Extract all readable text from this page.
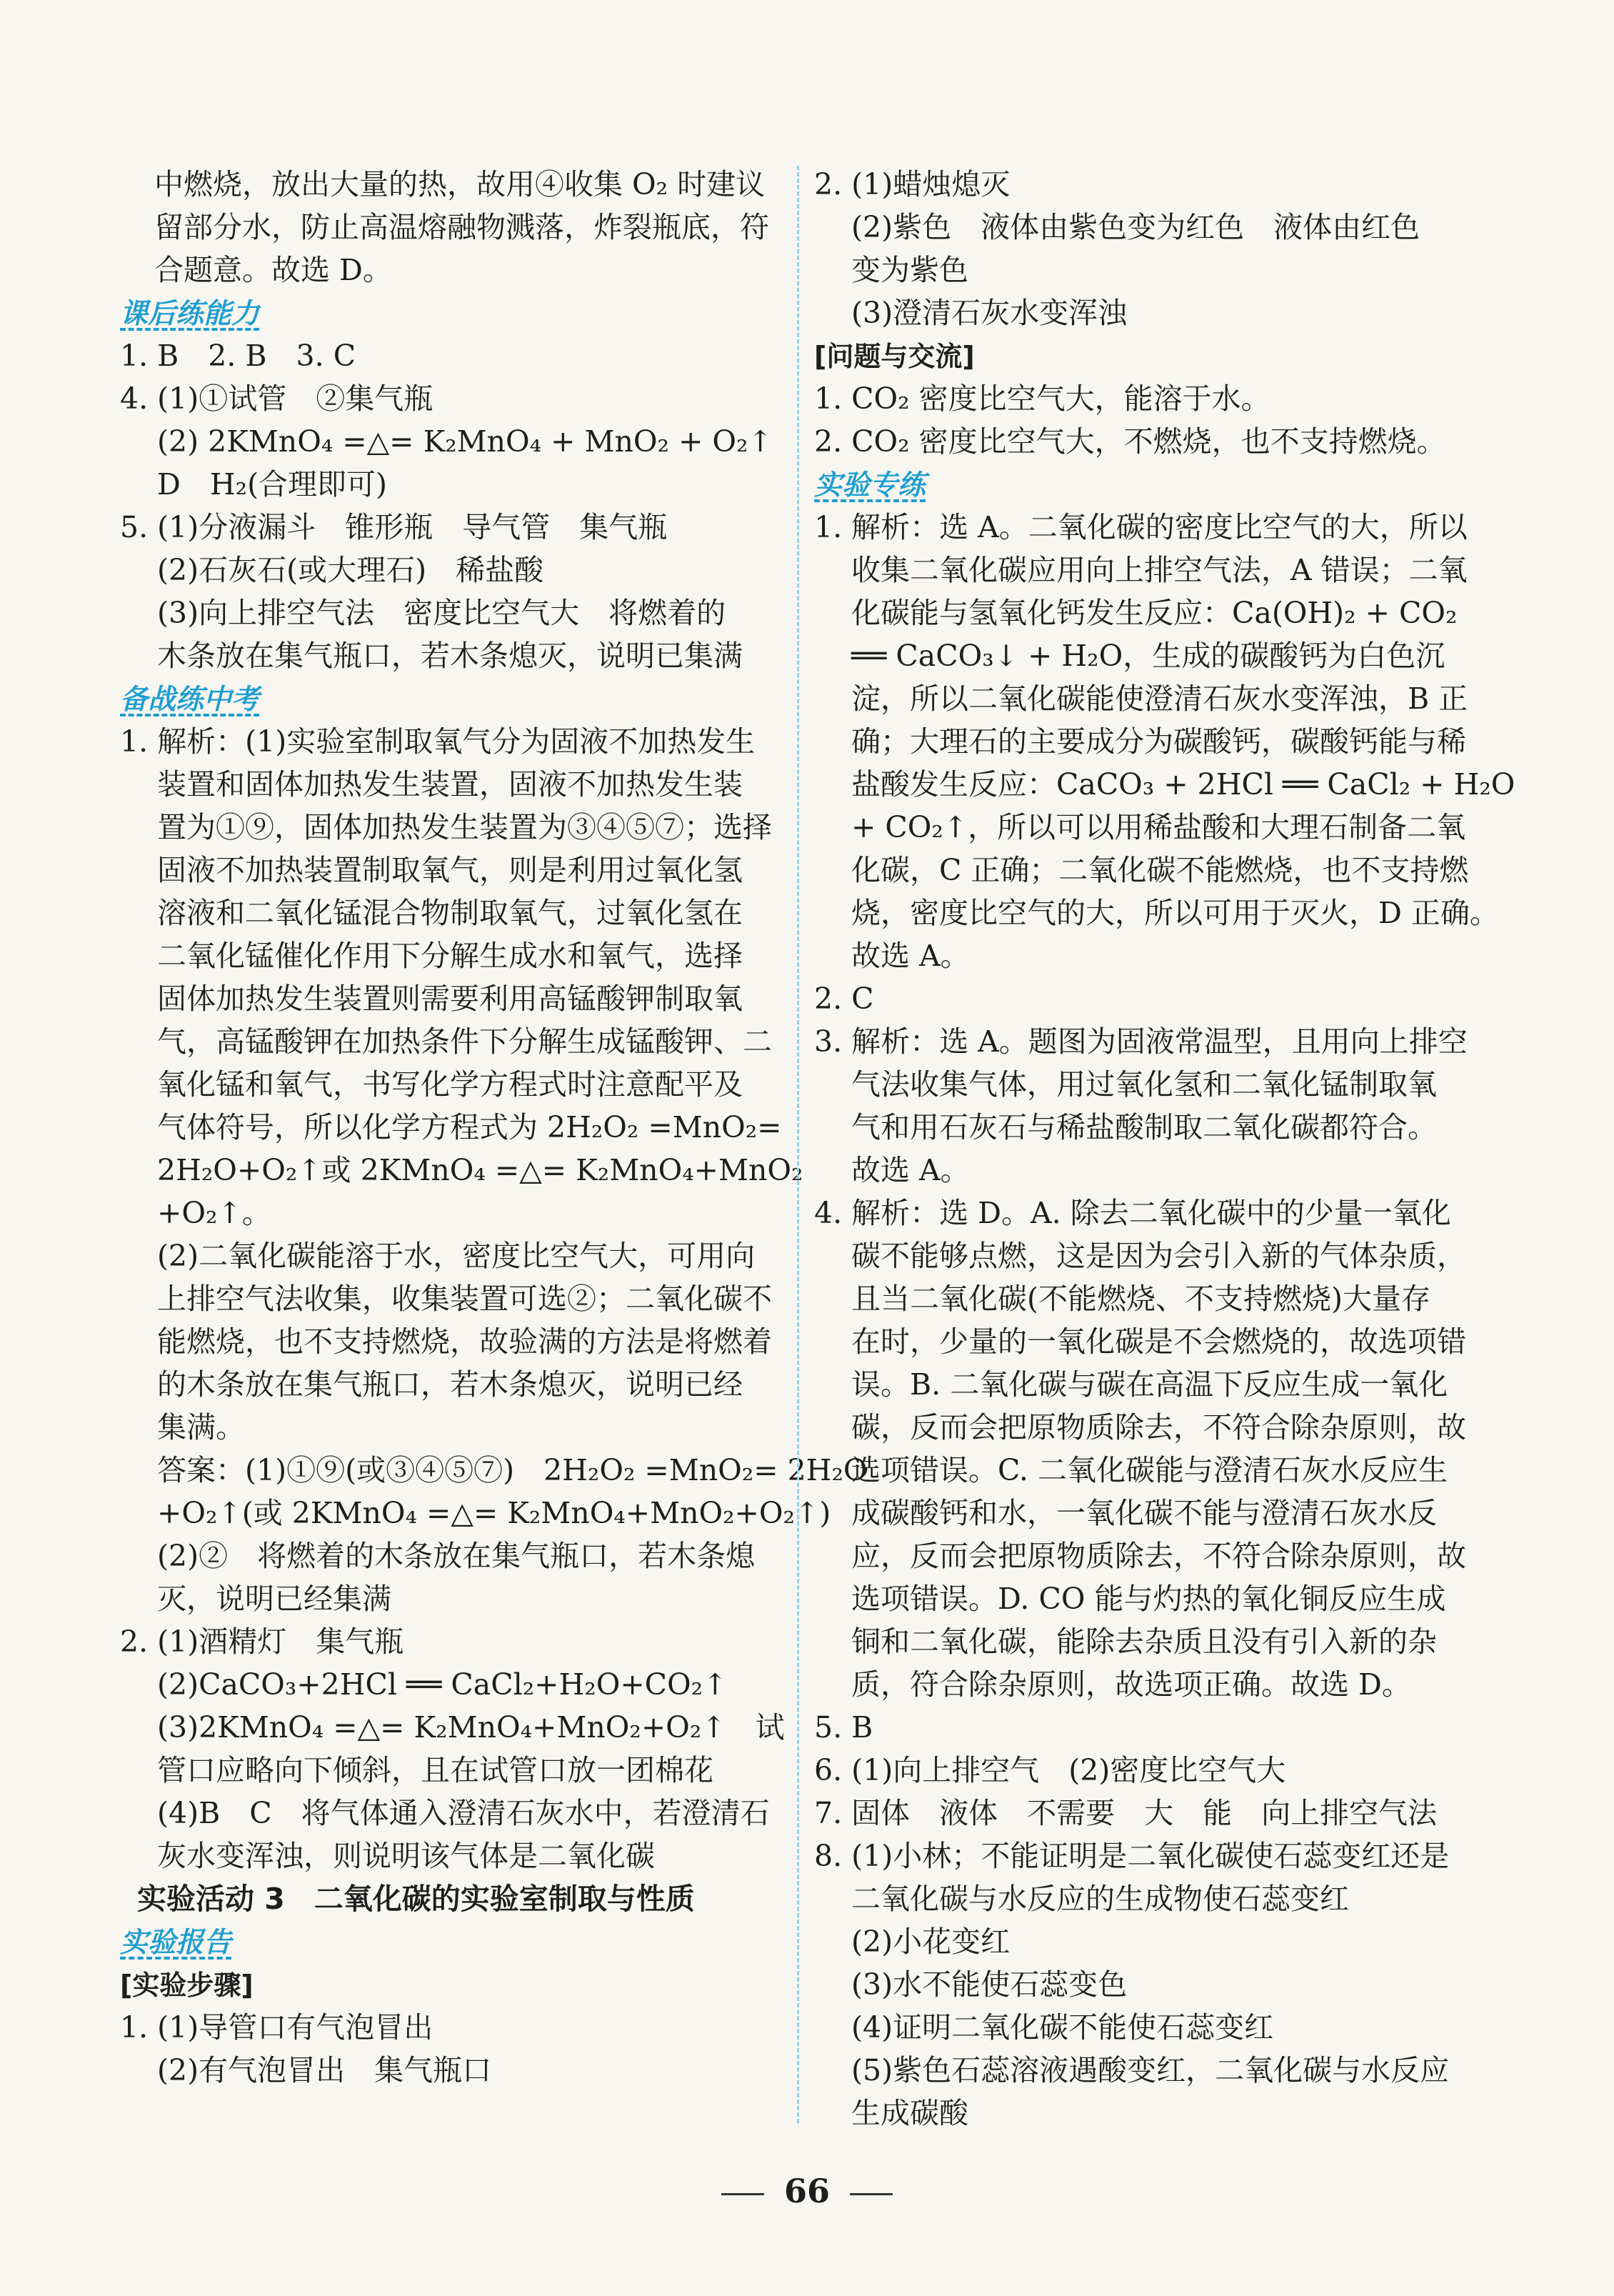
中燃烧，放出大量的热，故用④收集 O₂ 时建议
留部分水，防止高温熔融物溅落，炸裂瓶底，符
合题意。故选 D。
课后练能力
1. B　2. B　3. C
4. (1)①试管　②集气瓶
(2) 2KMnO₄ =△= K₂MnO₄ + MnO₂ + O₂↑
D　H₂(合理即可)
5. (1)分液漏斗　锥形瓶　导气管　集气瓶
(2)石灰石(或大理石)　稀盐酸
(3)向上排空气法　密度比空气大　将燃着的
木条放在集气瓶口，若木条熄灭，说明已集满
备战练中考
1. 解析：(1)实验室制取氧气分为固液不加热发生
装置和固体加热发生装置，固液不加热发生装
置为①⑨，固体加热发生装置为③④⑤⑦；选择
固液不加热装置制取氧气，则是利用过氧化氢
溶液和二氧化锰混合物制取氧气，过氧化氢在
二氧化锰催化作用下分解生成水和氧气，选择
固体加热发生装置则需要利用高锰酸钾制取氧
气，高锰酸钾在加热条件下分解生成锰酸钾、二
氧化锰和氧气，书写化学方程式时注意配平及
气体符号，所以化学方程式为 2H₂O₂ =MnO₂=
2H₂O+O₂↑或 2KMnO₄ =△= K₂MnO₄+MnO₂
+O₂↑。
(2)二氧化碳能溶于水，密度比空气大，可用向
上排空气法收集，收集装置可选②；二氧化碳不
能燃烧，也不支持燃烧，故验满的方法是将燃着
的木条放在集气瓶口，若木条熄灭，说明已经
集满。
答案：(1)①⑨(或③④⑤⑦)　2H₂O₂ =MnO₂= 2H₂O
+O₂↑(或 2KMnO₄ =△= K₂MnO₄+MnO₂+O₂↑)
(2)②　将燃着的木条放在集气瓶口，若木条熄
灭，说明已经集满
2. (1)酒精灯　集气瓶
(2)CaCO₃+2HCl ══ CaCl₂+H₂O+CO₂↑
(3)2KMnO₄ =△= K₂MnO₄+MnO₂+O₂↑　试
管口应略向下倾斜，且在试管口放一团棉花
(4)B　C　将气体通入澄清石灰水中，若澄清石
灰水变浑浊，则说明该气体是二氧化碳
实验活动 3　二氧化碳的实验室制取与性质
实验报告
[实验步骤]
1. (1)导管口有气泡冒出
(2)有气泡冒出　集气瓶口
2. (1)蜡烛熄灭
(2)紫色　液体由紫色变为红色　液体由红色
变为紫色
(3)澄清石灰水变浑浊
[问题与交流]
1. CO₂ 密度比空气大，能溶于水。
2. CO₂ 密度比空气大，不燃烧，也不支持燃烧。
实验专练
1. 解析：选 A。二氧化碳的密度比空气的大，所以
收集二氧化碳应用向上排空气法，A 错误；二氧
化碳能与氢氧化钙发生反应：Ca(OH)₂ + CO₂
══ CaCO₃↓ + H₂O，生成的碳酸钙为白色沉
淀，所以二氧化碳能使澄清石灰水变浑浊，B 正
确；大理石的主要成分为碳酸钙，碳酸钙能与稀
盐酸发生反应：CaCO₃ + 2HCl ══ CaCl₂ + H₂O
+ CO₂↑，所以可以用稀盐酸和大理石制备二氧
化碳，C 正确；二氧化碳不能燃烧，也不支持燃
烧，密度比空气的大，所以可用于灭火，D 正确。
故选 A。
2. C
3. 解析：选 A。题图为固液常温型，且用向上排空
气法收集气体，用过氧化氢和二氧化锰制取氧
气和用石灰石与稀盐酸制取二氧化碳都符合。
故选 A。
4. 解析：选 D。A. 除去二氧化碳中的少量一氧化
碳不能够点燃，这是因为会引入新的气体杂质，
且当二氧化碳(不能燃烧、不支持燃烧)大量存
在时，少量的一氧化碳是不会燃烧的，故选项错
误。B. 二氧化碳与碳在高温下反应生成一氧化
碳，反而会把原物质除去，不符合除杂原则，故
选项错误。C. 二氧化碳能与澄清石灰水反应生
成碳酸钙和水，一氧化碳不能与澄清石灰水反
应，反而会把原物质除去，不符合除杂原则，故
选项错误。D. CO 能与灼热的氧化铜反应生成
铜和二氧化碳，能除去杂质且没有引入新的杂
质，符合除杂原则，故选项正确。故选 D。
5. B
6. (1)向上排空气　(2)密度比空气大
7. 固体　液体　不需要　大　能　向上排空气法
8. (1)小林；不能证明是二氧化碳使石蕊变红还是
二氧化碳与水反应的生成物使石蕊变红
(2)小花变红
(3)水不能使石蕊变色
(4)证明二氧化碳不能使石蕊变红
(5)紫色石蕊溶液遇酸变红，二氧化碳与水反应
生成碳酸
66
